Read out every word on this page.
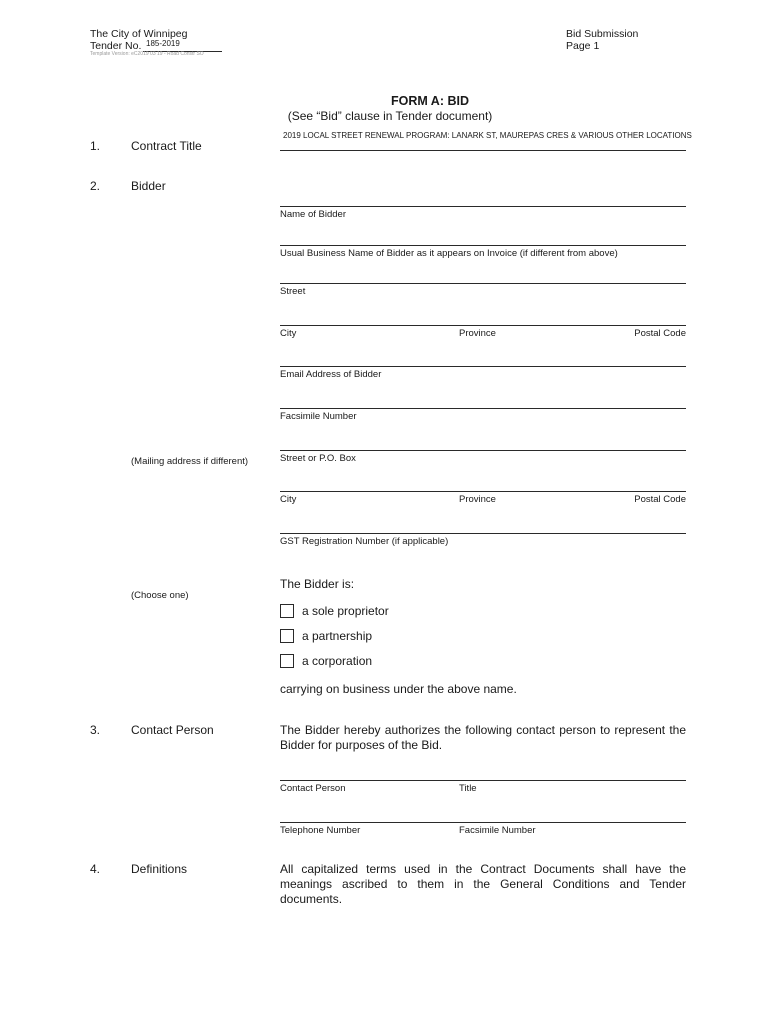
The City of Winnipeg
Tender No. 185-2019
Template Version: eC2019 03 19 - Road Constr SO
Bid Submission
Page 1
FORM A: BID
(See “Bid” clause in Tender document)
1.	Contract Title
2019 LOCAL STREET RENEWAL PROGRAM: LANARK ST, MAUREPAS CRES & VARIOUS OTHER LOCATIONS
2.	Bidder
Name of Bidder
Usual Business Name of Bidder as it appears on Invoice (if different from above)
Street
City	Province	Postal Code
Email Address of Bidder
Facsimile Number
(Mailing address if different)	Street or P.O. Box
City	Province	Postal Code
GST Registration Number (if applicable)
(Choose one)
The Bidder is:
a sole proprietor
a partnership
a corporation
carrying on business under the above name.
3.	Contact Person	The Bidder hereby authorizes the following contact person to represent the Bidder for purposes of the Bid.
Contact Person	Title
Telephone Number	Facsimile Number
4.	Definitions	All capitalized terms used in the Contract Documents shall have the meanings ascribed to them in the General Conditions and Tender documents.
